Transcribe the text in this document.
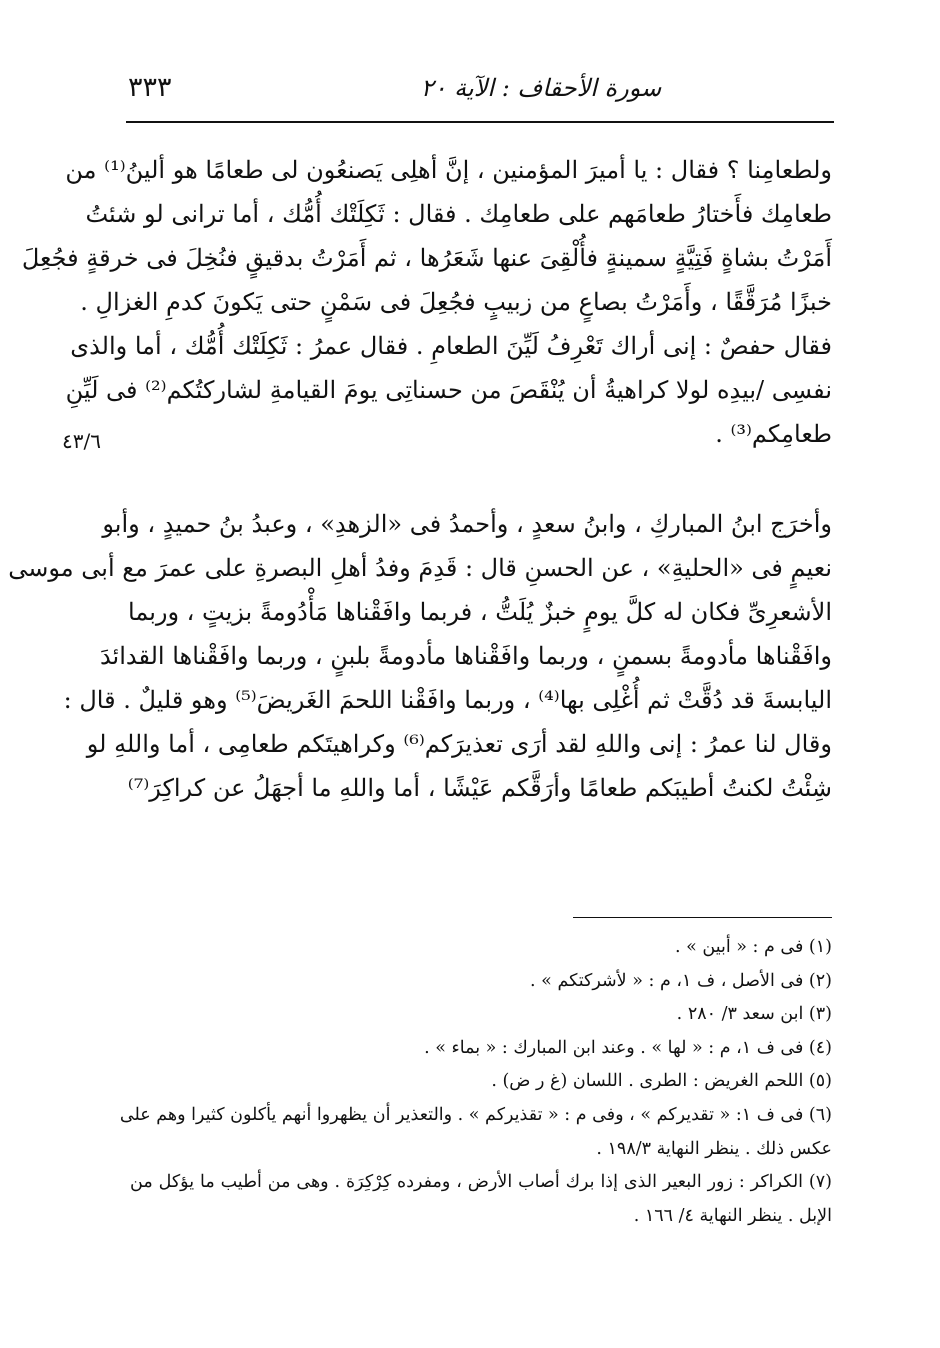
٣٣٣	سورة الأحقاف : الآية ٢٠
٤٣/٦
ولطعامِنا ؟ فقال : يا أميرَ المؤمنين ، إنَّ أهلِى يَصنعُون لى طعامًا هو ألينُ⁽¹⁾ من
طعامِك فأَختارُ طعامَهم على طعامِك . فقال : ثَكِلَتْك أُمُّك ، أما ترانى لو شئتُ
أَمَرْتُ بشاةٍ فَتِيَّةٍ سمينةٍ فأُلْقِىَ عنها شَعَرُها ، ثم أَمَرْتُ بدقيقٍ فنُخِلَ فى خرقةٍ فجُعِلَ
خبزًا مُرَقَّقًا ، وأَمَرْتُ بصاعٍ من زبيبٍ فجُعِلَ فى سَمْنٍ حتى يَكونَ كدمِ الغزالِ .
فقال حفصٌ : إنى أراك تَعْرِفُ لَيِّنَ الطعامِ . فقال عمرُ : ثَكِلَتْك أُمُّك ، أما والذى
نفسِى /بيدِه لولا كراهيةُ أن يُنْقَصَ من حسناتِى يومَ القيامةِ لشاركتُكم⁽²⁾ فى لَيِّنِ
طعامِكم⁽³⁾ .
وأخرَج ابنُ المباركِ ، وابنُ سعدٍ ، وأحمدُ فى «الزهدِ» ، وعبدُ بنُ حميدٍ ، وأبو
نعيمٍ فى «الحليةِ» ، عن الحسنِ قال : قَدِمَ وفدُ أهلِ البصرةِ على عمرَ مع أبى موسى
الأشعرِىِّ فكان له كلَّ يومٍ خبزٌ يُلَتُّ ، فربما وافَقْناها مَأْدُومةً بزيتٍ ، وربما
وافَقْناها مأدومةً بسمنٍ ، وربما وافَقْناها مأدومةً بلبنٍ ، وربما وافَقْناها القدائدَ
اليابسةَ قد دُقَّتْ ثم أُغْلِى بها⁽⁴⁾ ، وربما وافَقْنا اللحمَ الغَريضَ⁽⁵⁾ وهو قليلٌ . قال :
وقال لنا عمرُ : إنى واللهِ لقد أرَى تعذيرَكم⁽⁶⁾ وكراهيتَكم طعامِى ، أما واللهِ لو
شِئْتُ لكنتُ أطيبَكم طعامًا وأرَقَّكم عَيْشًا ، أما واللهِ ما أجهَلُ عن كراكِرَ⁽⁷⁾
(١) فى م : « أبين » .
(٢) فى الأصل ، ف ١، م : « لأشركتكم » .
(٣) ابن سعد ٣/ ٢٨٠ .
(٤) فى ف ١، م : « لها » . وعند ابن المبارك : « بماء » .
(٥) اللحم الغريض : الطرى . اللسان (غ ر ض) .
(٦) فى ف ١: « تقديركم » ، وفى م : « تقذيركم » . والتعذير أن يظهروا أنهم يأكلون كثيرا وهم على
عكس ذلك . ينظر النهاية ١٩٨/٣ .
(٧) الكراكر : زور البعير الذى إذا برك أصاب الأرض ، ومفرده كِرْكِرَة . وهى من أطيب ما يؤكل من
الإبل . ينظر النهاية ٤/ ١٦٦ .
